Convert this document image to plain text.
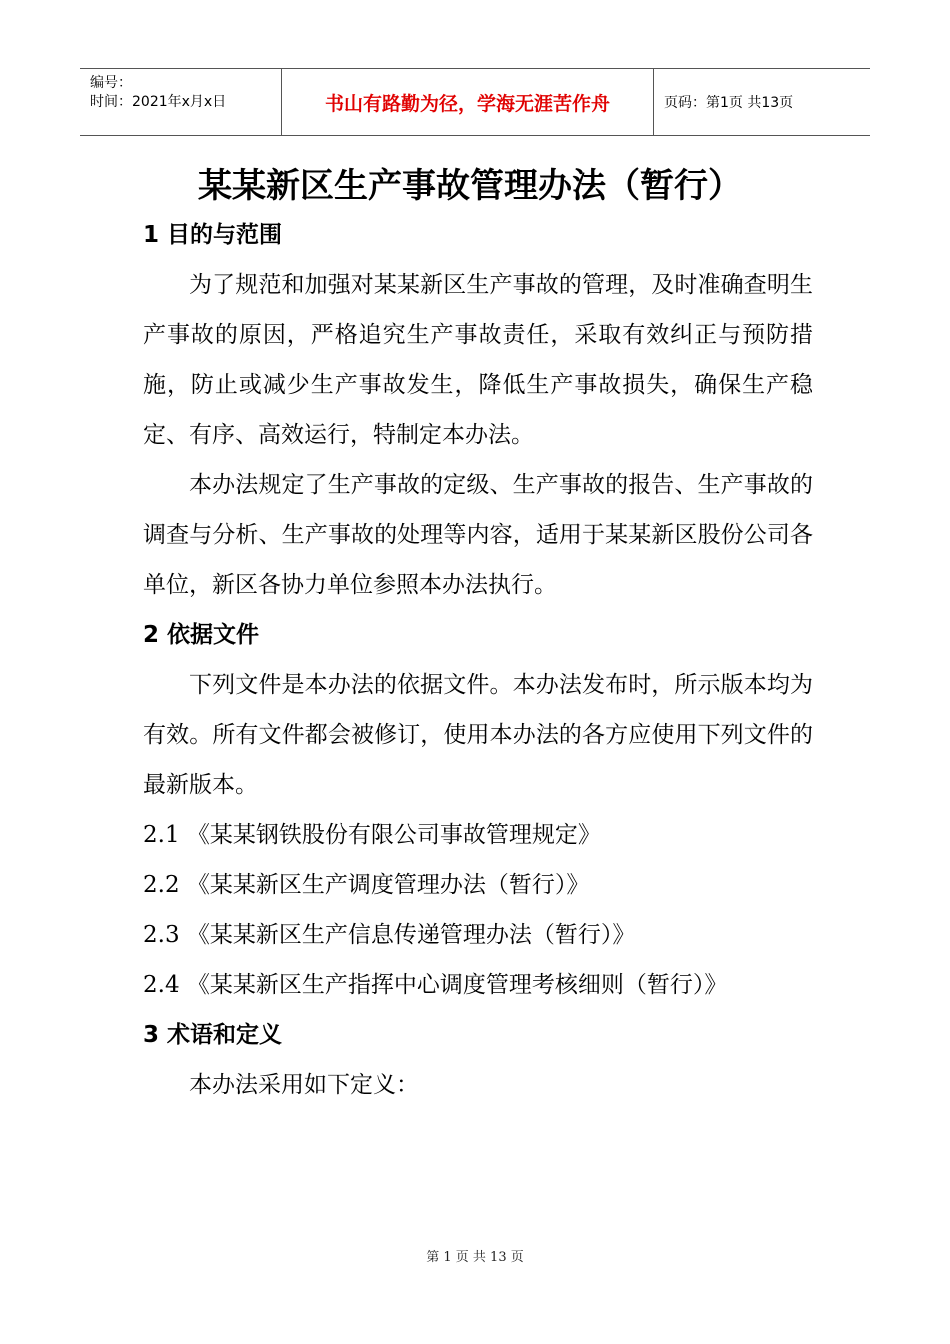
编号：
时间：2021年x月x日	书山有路勤为径，学海无涯苦作舟	页码：第1页 共13页
某某新区生产事故管理办法（暂行）

1 目的与范围

为了规范和加强对某某新区生产事故的管理，及时准确查明生产事故的原因，严格追究生产事故责任，采取有效纠正与预防措施，防止或减少生产事故发生，降低生产事故损失，确保生产稳定、有序、高效运行，特制定本办法。

本办法规定了生产事故的定级、生产事故的报告、生产事故的调查与分析、生产事故的处理等内容，适用于某某新区股份公司各单位，新区各协力单位参照本办法执行。

2 依据文件

下列文件是本办法的依据文件。本办法发布时，所示版本均为有效。所有文件都会被修订，使用本办法的各方应使用下列文件的最新版本。

2.1 《某某钢铁股份有限公司事故管理规定》

2.2 《某某新区生产调度管理办法（暂行）》

2.3 《某某新区生产信息传递管理办法（暂行）》

2.4 《某某新区生产指挥中心调度管理考核细则（暂行）》

3 术语和定义

本办法采用如下定义：

第 1 页 共 13 页
